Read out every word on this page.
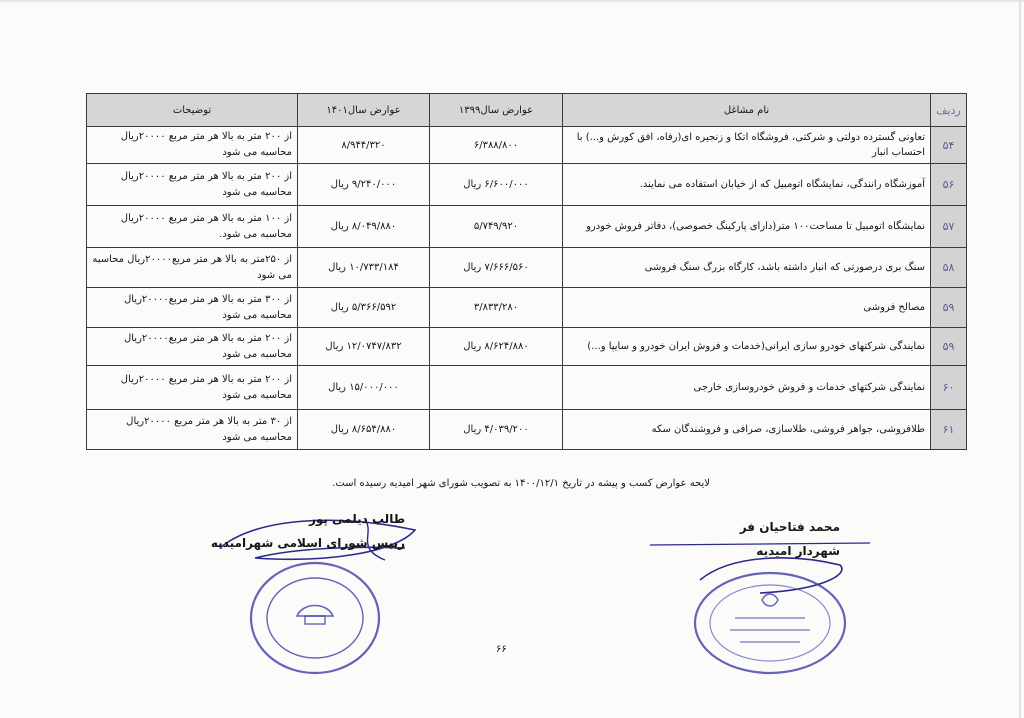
ردیف	نام مشاغل	عوارض سال۱۳۹۹	عوارض سال۱۴۰۱	توضیحات
۵۴	تعاونی گسترده دولتی و شرکتی، فروشگاه اتکا و زنجیره ای(رفاه، افق کورش و...) با احتساب انبار	۶/۳۸۸/۸۰۰	۸/۹۴۴/۳۲۰	از ۲۰۰ متر به بالا هر متر مربع ۲۰۰۰۰ریال محاسبه می شود
۵۶	آموزشگاه رانندگی، نمایشگاه اتومبیل که از خیابان استفاده می نمایند.	۶/۶۰۰/۰۰۰ ریال	۹/۲۴۰/۰۰۰ ریال	از ۲۰۰ متر به بالا هر متر مربع ۲۰۰۰۰ریال محاسبه می شود
۵۷	نمایشگاه اتومبیل تا مساحت۱۰۰ متر(دارای پارکینگ خصوصی)، دفاتر فروش خودرو	۵/۷۴۹/۹۲۰	۸/۰۴۹/۸۸۰ ریال	از ۱۰۰ متر به بالا هر متر مربع ۲۰۰۰۰ریال محاسبه می شود.
۵۸	سنگ بری درصورتی که انبار داشته باشد، کارگاه بزرگ سنگ فروشی	۷/۶۶۶/۵۶۰ ریال	۱۰/۷۳۳/۱۸۴ ریال	از ۲۵۰متر به بالا هر متر مربع۲۰۰۰۰ریال محاسبه می شود
۵۹	مصالح فروشی	۳/۸۳۳/۲۸۰	۵/۳۶۶/۵۹۲ ریال	از ۳۰۰ متر به بالا هر متر مربع۲۰۰۰۰ریال محاسبه می شود
۵۹	نمایندگی شرکتهای خودرو سازی ایرانی(خدمات و فروش ایران خودرو و سایپا و...)	۸/۶۲۴/۸۸۰ ریال	۱۲/۰۷۴۷/۸۳۲ ریال	از ۲۰۰ متر به بالا هر متر مربع۲۰۰۰۰ریال محاسبه می شود
۶۰	نمایندگی شرکتهای خدمات و فروش خودروسازی خارجی		۱۵/۰۰۰/۰۰۰ ریال	از ۲۰۰ متر به بالا هر متر مربع ۲۰۰۰۰ریال محاسبه می شود
۶۱	طلافروشی، جواهر فروشی، طلاسازی، صرافی و فروشندگان سکه	۴/۰۳۹/۲۰۰ ریال	۸/۶۵۴/۸۸۰ ریال	از ۳۰ متر به بالا هر متر مربع ۲۰۰۰۰ریال محاسبه می شود
لایحه عوارض کسب و پیشه در تاریخ ۱۴۰۰/۱۲/۱ به تصویب شورای شهر امیدیه رسیده است.
طالب دیلمی پور
رییس شورای اسلامی شهرامیدیه
محمد فتاحیان فر
شهردار امیدیه
۶۶
